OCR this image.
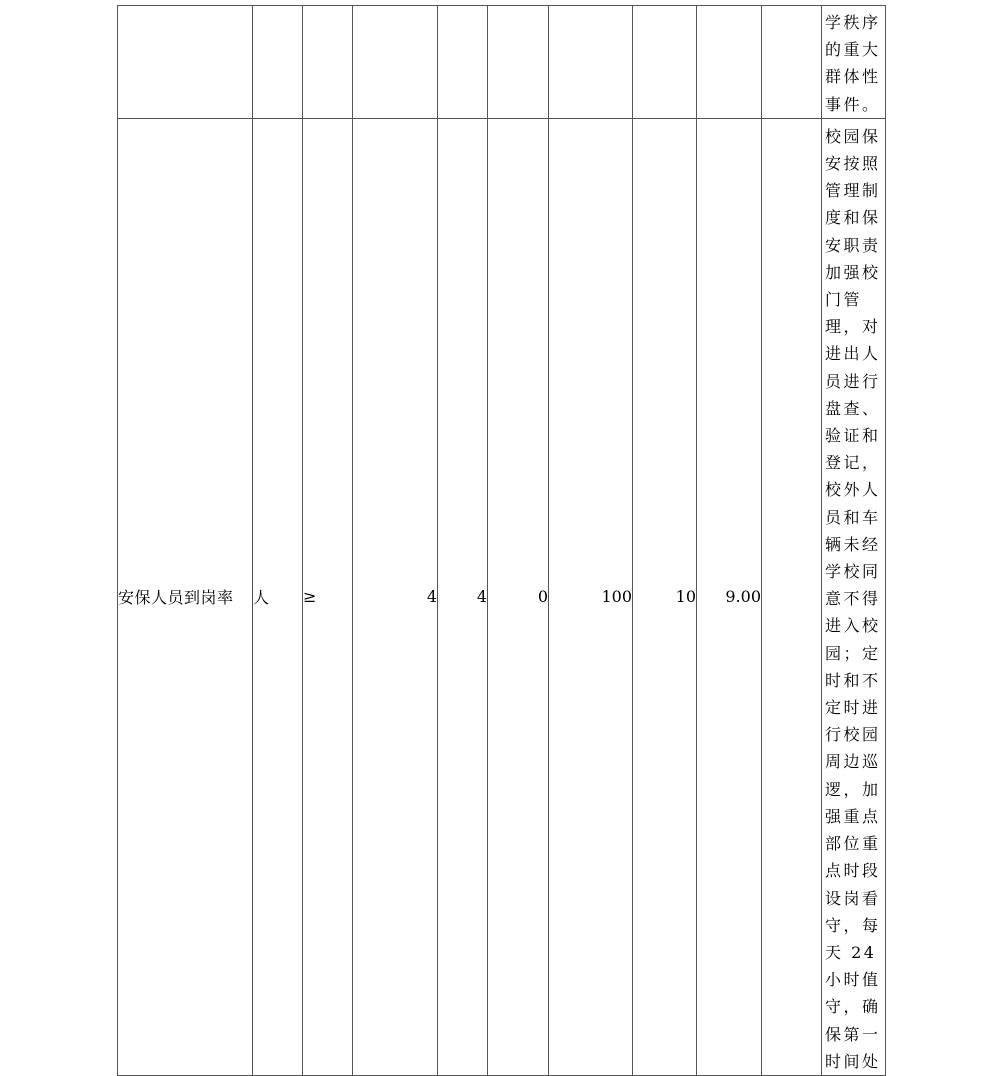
										学秩序的重大群体性事件。

安保人员到岗率	人	≥	4	4	0	100	10	9.00		校园保安按照管理制度和保安职责加强校门管 理，对进出人员进行盘查、验证和登记，校外人员和车辆未经学校同意不得进入校园；定时和不定时进行校园周边巡逻，加强重点部位重点时段设岗看守，每天 24 小时值守，确保第一时间处
